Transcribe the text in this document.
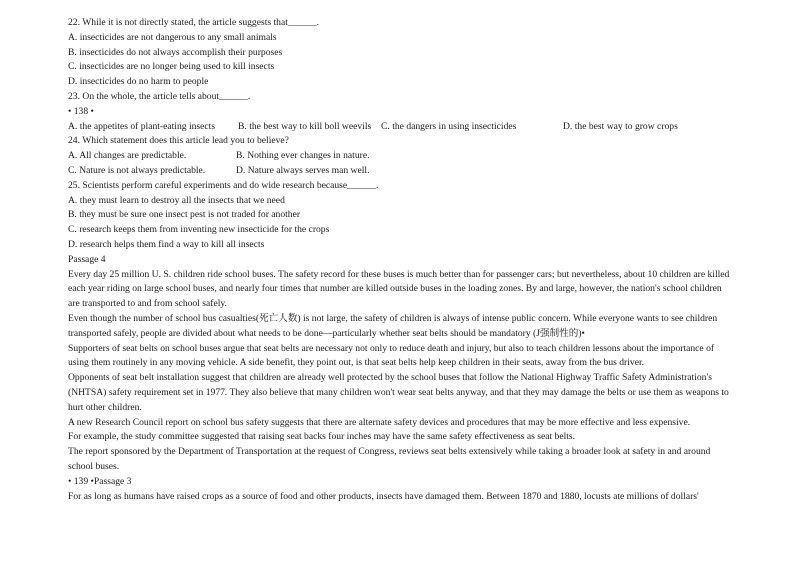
22. While it is not directly stated, the article suggests that______.
A. insecticides are not dangerous to any small animals
B. insecticides do not always accomplish their purposes
C. insecticides are no longer being used to kill insects
D. insecticides do no harm to people
23. On the whole, the article tells about______.
• 138 •
A. the appetites of plant-eating insects	B. the best way to kill boll weevils	C. the dangers in using insecticides	D. the best way to grow crops
24. Which statement does this article lead you to believe?
A. All changes are predictable.	B. Nothing ever changes in nature.
C. Nature is not always predictable.	D. Nature always serves man well.
25. Scientists perform careful experiments and do wide research because______.
A. they must learn to destroy all the insects that we need
B. they must be sure one insect pest is not traded for another
C. research keeps them from inventing new insecticide for the crops
D. research helps them find a way to kill all insects
Passage 4
Every day 25 million U. S. children ride school buses. The safety record for these buses is much better than for passenger cars; but nevertheless, about 10 children are killed each year riding on large school buses, and nearly four times that number are killed outside buses in the loading zones. By and large, however, the nation's school children are transported to and from school safely.
Even though the number of school bus casualties(死亡人数) is not large, the safety of children is always of intense public concern. While everyone wants to see children transported safely, people are divided about what needs to be done—particularly whether seat belts should be mandatory (J强制性的)•
Supporters of seat belts on school buses argue that seat belts are necessary not only to reduce death and injury, but also to teach children lessons about the importance of using them routinely in any moving vehicle. A side benefit, they point out, is that seat belts help keep children in their seats, away from the bus driver.
Opponents of seat belt installation suggest that children are already well protected by the school buses that follow the National Highway Traffic Safety Administration's (NHTSA) safety requirement set in 1977. They also believe that many children won't wear seat belts anyway, and that they may damage the belts or use them as weapons to hurt other children.
A new Research Council report on school bus safety suggests that there are alternate safety devices and procedures that may be more effective and less expensive.
For example, the study committee suggested that raising seat backs four inches may have the same safety effectiveness as seat belts.
The report sponsored by the Department of Transportation at the request of Congress, reviews seat belts extensively while taking a broader look at safety in and around school buses.
• 139 •Passage 3
For as long as humans have raised crops as a source of food and other products, insects have damaged them. Between 1870 and 1880, locusts ate millions of dollars'
